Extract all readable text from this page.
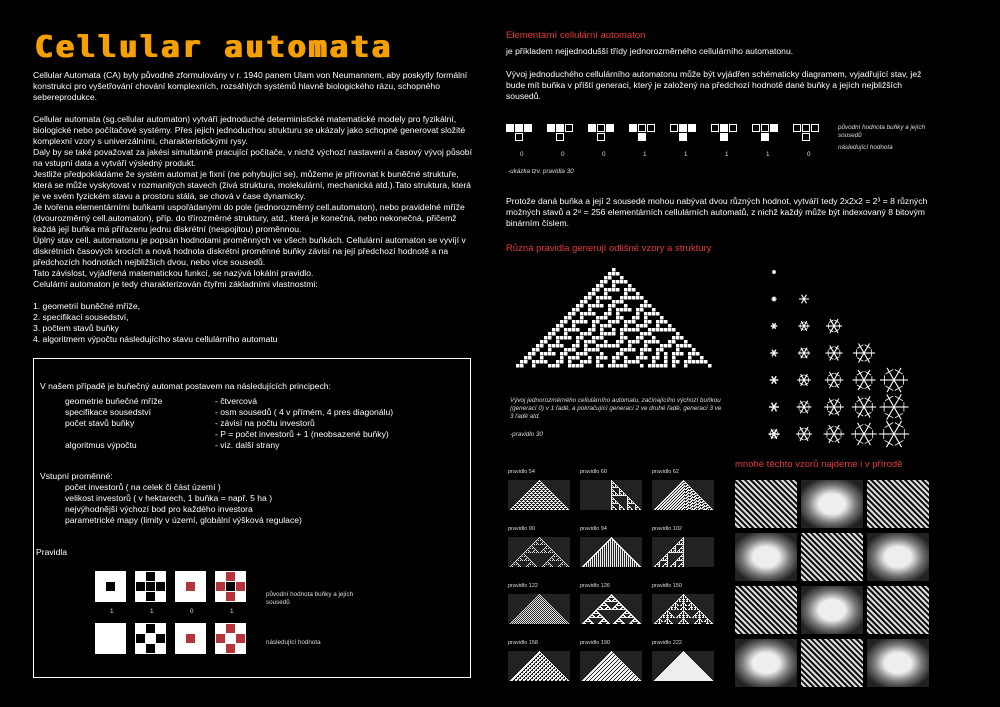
Cellular automata

Cellular Automata (CA) byly původně zformulovány v r. 1940 panem Ulam von Neumannem, aby poskytly formální konstrukci pro vyšetřování chování komplexních, rozsáhlých systémů hlavně biologického rázu, schopného sebereprodukce.

Cellular automata (sg.cellular automaton) vytváří jednoduché deterministické matematické modely pro fyzikální, biologické nebo počítačové systémy. Přes jejich jednoduchou strukturu se ukázaly jako schopné generovat složité komplexní vzory s univerzálními, charakteristickými rysy.

Daly by se také považovat za jakési simultánně pracující počítače, v nichž výchozí nastavení a časový vývoj působí na vstupní data a vytváří výsledný produkt.

Jestliže předpokládáme že systém automat je fixní (ne pohybující se), můžeme je přirovnat k buněčné struktuře, která se může vyskytovat v rozmanitých stavech (živá struktura, molekulární, mechanická atd.).Tato struktura, která je ve svém fyzickém stavu a prostoru stálá, se chová v čase dynamicky.

Je tvořena elementárními buňkami uspořádanými do pole (jednorozměrný cell.automaton), nebo pravidelné mříže (dvourozměrný cell.automaton), příp. do třírozměrné struktury, atd., která je konečná, nebo nekonečná, přičemž každá její buňka má přiřazenu jednu diskrétní (nespojitou) proměnnou.

Úplný stav cell. automatonu je popsán hodnotami proměnných ve všech buňkách. Cellulární automaton se vyvíjí v diskrétních časových krocích a nová hodnota diskrétní proměnné buňky závisí na její předchozí hodnotě a na předchozích hodnotách nejbližších dvou, nebo více sousedů.

Tato závislost, vyjádřená matematickou funkcí, se nazývá lokální pravidlo.

Celulární automaton je tedy charakterizován čtyřmi základními vlastnostmi:

1. geometrií buněčné mříže,

2. specifikací sousedství,

3. počtem stavů buňky

4. algoritmem výpočtu následujícího stavu cellulárního automatu

V našem případě je buňečný automat postavem na následujících principech:

geometrie buňečné mříže	- čtvercová
specifikace sousedství	- osm sousedů ( 4 v přímém, 4 pres diagonálu)
počet stavů buňky	- závisí na počtu investorů
- P = počet investorů + 1 (neobsazené buňky)
algoritmus výpočtu	- viz. další strany

Vstupní proměnné:

počet investorů ( na celek či část území )

velikost investorů ( v hektarech, 1 buňka = např. 5 ha )

nejvýhodnější výchozí bod pro každého investora

parametrické mapy (limity v území, globální výšková regulace)

Pravidla

1	1	0	1

původní hodnota buňky a jejích sousedů

následující hodnota

Elementární cellulární automaton
je příkladem nejjednodušší třídy jednorozměrného cellulárního automatonu.
Vývoj jednoduchého cellulárního automatonu může být vyjádřen schématicky diagramem, vyjadřující stav, jež bude mít buňka v příští generaci, který je založený na předchozí hodnotě dané buňky a jejích nejbližších sousedů.
0	0	0	1	1	1	1	0
původní hodnota buňky a jejích sousedů
následující hodnota
-ukázka tzv. pravidla 30
Protože daná buňka a její 2 sousedé mohou nabývat dvou různých hodnot, vytváří tedy 2x2x2 = 2³ = 8 různých možných stavů a 2⁸ = 256 elementárních cellulárních automatů, z nichž každý může být indexovaný 8 bitovým binárním číslem.
Různá pravidla generují odlišné vzory a struktury
Vývoj jednorozměrného cellulárního automatu, začínajícího výchozí buňkou (generací 0) v 1 řadě, a pokračující generací 2 ve druhé řadě, generací 3 ve 3 řadě atd.
-pravidlo 30
pravidlo 54	pravidlo 60	pravidlo 62
pravidlo 90	pravidlo 94	pravidlo 102
pravidlo 122	pravidlo 126	pravidlo 150
pravidlo 158	pravidlo 190	pravidlo 222
mnohé těchto vzorů najdeme i v přírodě
